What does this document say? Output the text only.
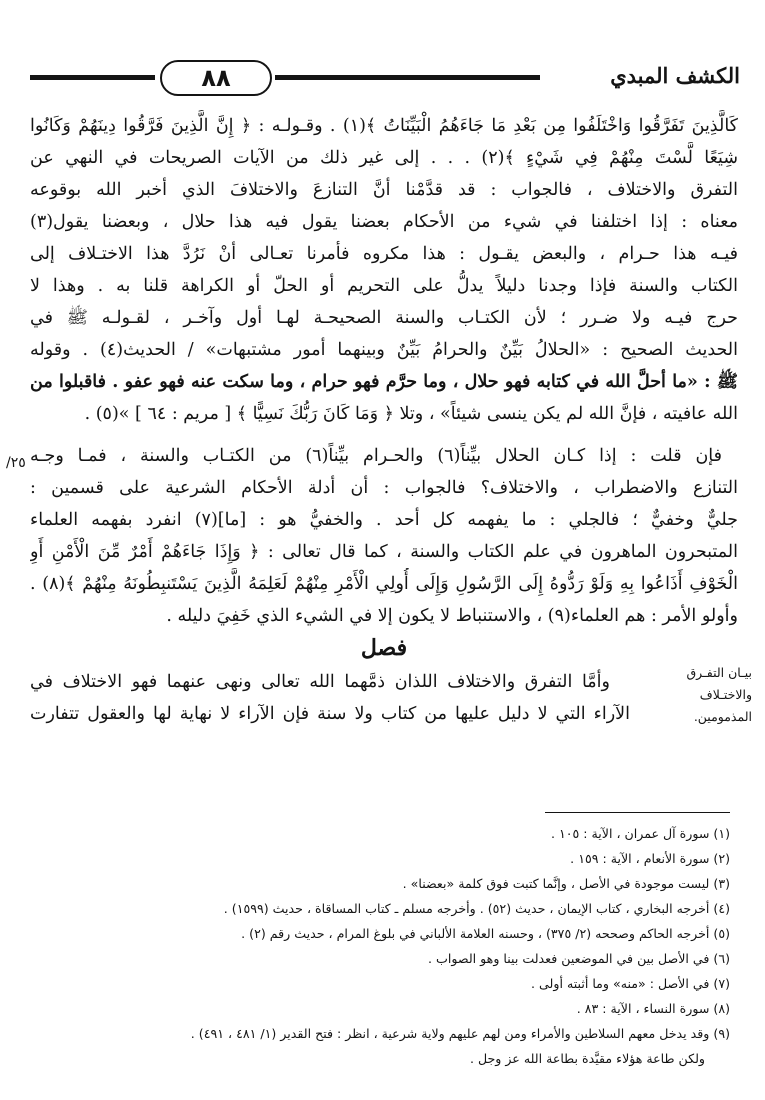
٨٨	الكشف المبدي
كَالَّذِينَ تَفَرَّقُوا وَاخْتَلَفُوا مِن بَعْدِ مَا جَاءَهُمُ الْبَيِّنَاتُ ﴾(١) . وقـولـه : ﴿ إِنَّ الَّذِينَ فَرَّقُوا دِينَهُمْ وَكَانُوا
شِيَعًا لَّسْتَ مِنْهُمْ فِي شَيْءٍ ﴾(٢) . . . إلى غير ذلك من الآيات الصريحات في النهي عن
التفرق والاختلاف ، فالجواب : قد قدَّمْنا أنَّ التنازعَ والاختلافَ الذي أخبر الله بوقوعه
معناه : إذا اختلفنا في شيء من الأحكام بعضنا يقول فيه هذا حلال ، وبعضنا يقول(٣)
فيـه هذا حـرام ، والبعض يقـول : هذا مكروه فأمرنا تعـالى أنْ نَرُدَّ هذا الاختـلاف إلى
الكتاب والسنة فإذا وجدنا دليلاً يدلُّ على التحريم أو الحلّ أو الكراهة قلنا به . وهذا لا
حرج فيـه ولا ضـرر ؛ لأن الكتـاب والسنة الصحيحـة لهـا أول وآخـر ، لقـولـه ﷺ في
الحديث الصحيح : «الحلالُ بَيِّنٌ والحرامُ بَيِّنٌ وبينهما أمور مشتبهات» / الحديث(٤) . وقوله
ﷺ : «ما أحلَّ الله في كتابه فهو حلال ، وما حرَّم فهو حرام ، وما سكت عنه فهو عفو . فاقبلوا من
الله عافيته ، فإنَّ الله لم يكن ينسى شيئاً» ، وتلا ﴿ وَمَا كَانَ رَبُّكَ نَسِيًّا ﴾ [ مريم : ٦٤ ] »(٥) .
فإن قلت : إذا كـان الحلال بيِّناً(٦) والحـرام بيِّناً(٦) من الكتـاب والسنة ، فمـا وجـه
التنازع والاضطراب ، والاختلاف؟ فالجواب : أن أدلة الأحكام الشرعية على قسمين :
جليٌّ وخفيٌّ ؛ فالجلي : ما يفهمه كل أحد . والخفيُّ هو : [ما](٧) انفرد بفهمه العلماء
المتبحرون الماهرون في علم الكتاب والسنة ، كما قال تعالى : ﴿ وَإِذَا جَاءَهُمْ أَمْرٌ مِّنَ الْأَمْنِ أَوِ
الْخَوْفِ أَذَاعُوا بِهِ وَلَوْ رَدُّوهُ إِلَى الرَّسُولِ وَإِلَى أُولِي الْأَمْرِ مِنْهُمْ لَعَلِمَهُ الَّذِينَ يَسْتَنبِطُونَهُ مِنْهُمْ ﴾(٨) .
وأولو الأمر : هم العلماء(٩) ، والاستنباط لا يكون إلا في الشيء الذي خَفِيَ دليله .
فصل
وأمَّا التفرق والاختلاف اللذان ذمَّهما الله تعالى ونهى عنهما فهو الاختلاف في
الآراء التي لا دليل عليها من كتاب ولا سنة فإن الآراء لا نهاية لها والعقول تتفارت
/٢٥
بيـان التفـرق
والاختـلاف
المذمومين.
(١) سورة آل عمران ، الآية : ١٠٥ .
(٢) سورة الأنعام ، الآية : ١٥٩ .
(٣) ليست موجودة في الأصل ، وإنَّما كتبت فوق كلمة «بعضنا» .
(٤) أخرجه البخاري ، كتاب الإيمان ، حديث (٥٢) . وأخرجه مسلم ـ كتاب المساقاة ، حديث (١٥٩٩) .
(٥) أخرجه الحاكم وصححه (٢/ ٣٧٥) ، وحسنه العلامة الألباني في بلوغ المرام ، حديث رقم (٢) .
(٦) في الأصل بين في الموضعين فعدلت بينا وهو الصواب .
(٧) في الأصل : «منه» وما أثبته أولى .
(٨) سورة النساء ، الآية : ٨٣ .
(٩) وقد يدخل معهم السلاطين والأمراء ومن لهم عليهم ولاية شرعية ، انظر : فتح القدير (١/ ٤٨١ ، ٤٩١) .
ولكن طاعة هؤلاء مقيَّدة بطاعة الله عز وجل .
